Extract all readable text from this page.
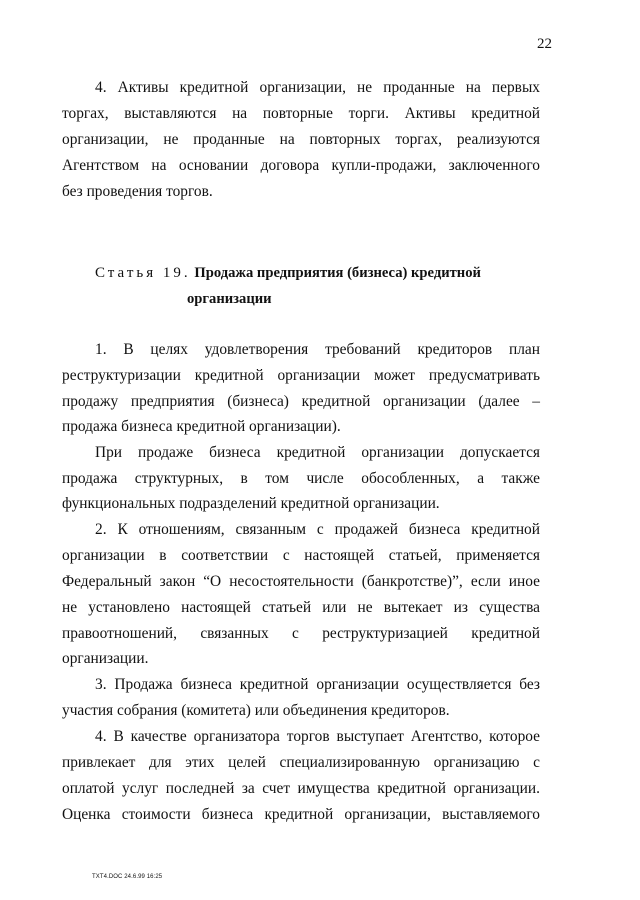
22
4. Активы кредитной организации, не проданные на первых
торгах, выставляются на повторные торги. Активы кредитной
организации, не проданные на повторных торгах, реализуются
Агентством на основании договора купли-продажи, заключенного
без проведения торгов.
Статья 19. Продажа предприятия (бизнеса) кредитной
организации
1. В целях удовлетворения требований кредиторов план
реструктуризации кредитной организации может предусматривать
продажу предприятия (бизнеса) кредитной организации (далее –
продажа бизнеса кредитной организации).
При продаже бизнеса кредитной организации допускается
продажа структурных, в том числе обособленных, а также
функциональных подразделений кредитной организации.
2. К отношениям, связанным с продажей бизнеса кредитной
организации в соответствии с настоящей статьей, применяется
Федеральный закон “О несостоятельности (банкротстве)”, если иное
не установлено настоящей статьей или не вытекает из существа
правоотношений, связанных с реструктуризацией кредитной
организации.
3. Продажа бизнеса кредитной организации осуществляется без
участия собрания (комитета) или объединения кредиторов.
4. В качестве организатора торгов выступает Агентство, которое
привлекает для этих целей специализированную организацию с
оплатой услуг последней за счет имущества кредитной организации.
Оценка стоимости бизнеса кредитной организации, выставляемого
TXT4.DOC 24.6.99 16:25
